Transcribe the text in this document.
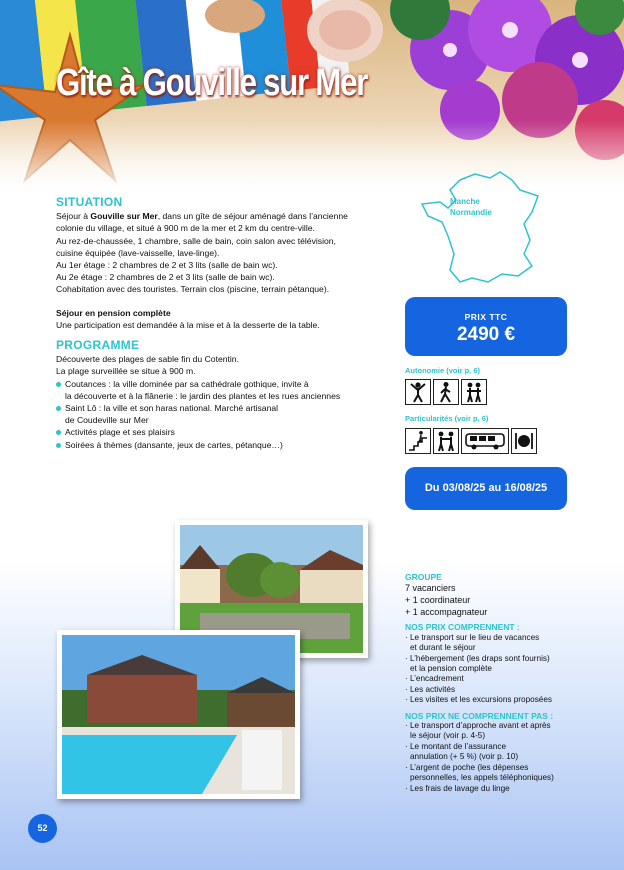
Gîte à Gouville sur Mer
SITUATION

Séjour à Gouville sur Mer, dans un gîte de séjour aménagé dans l’ancienne

colonie du village, et situé à 900 m de la mer et 2 km du centre-ville.

Au rez-de-chaussée, 1 chambre, salle de bain, coin salon avec télévision,

cuisine équipée (lave-vaisselle, lave-linge).

Au 1er étage : 2 chambres de 2 et 3 lits (salle de bain wc).

Au 2e étage : 2 chambres de 2 et 3 lits (salle de bain wc).

Cohabitation avec des touristes. Terrain clos (piscine, terrain pétanque).

Séjour en pension complète

Une participation est demandée à la mise et à la desserte de la table.

PROGRAMME

Découverte des plages de sable fin du Cotentin.

La plage surveillée se situe à 900 m.

Coutances : la ville dominée par sa cathédrale gothique, invite à

la découverte et à la flânerie : le jardin des plantes et les rues anciennes

Saint Lô : la ville et son haras national. Marché artisanal

de Coudeville sur Mer

Activités plage et ses plaisirs

Soirées à thèmes (dansante, jeux de cartes, pétanque…)

Manche
Normandie
PRIX TTC
2490 €
Autonomie (voir p. 6)
Particularités (voir p. 6)
Du 03/08/25 au 16/08/25

GROUPE

7 vacanciers

+ 1 coordinateur

+ 1 accompagnateur

NOS PRIX COMPRENNENT :

· Le transport sur le lieu de vacances
et durant le séjour
· L’hébergement (les draps sont fournis)
et la pension complète
· L’encadrement
· Les activités
· Les visites et les excursions proposées

NOS PRIX NE COMPRENNENT PAS :

· Le transport d’approche avant et après
le séjour (voir p. 4-5)
· Le montant de l’assurance
annulation (+ 5 %) (voir p. 10)
· L’argent de poche (les dépenses
personnelles, les appels téléphoniques)
· Les frais de lavage du linge
52
